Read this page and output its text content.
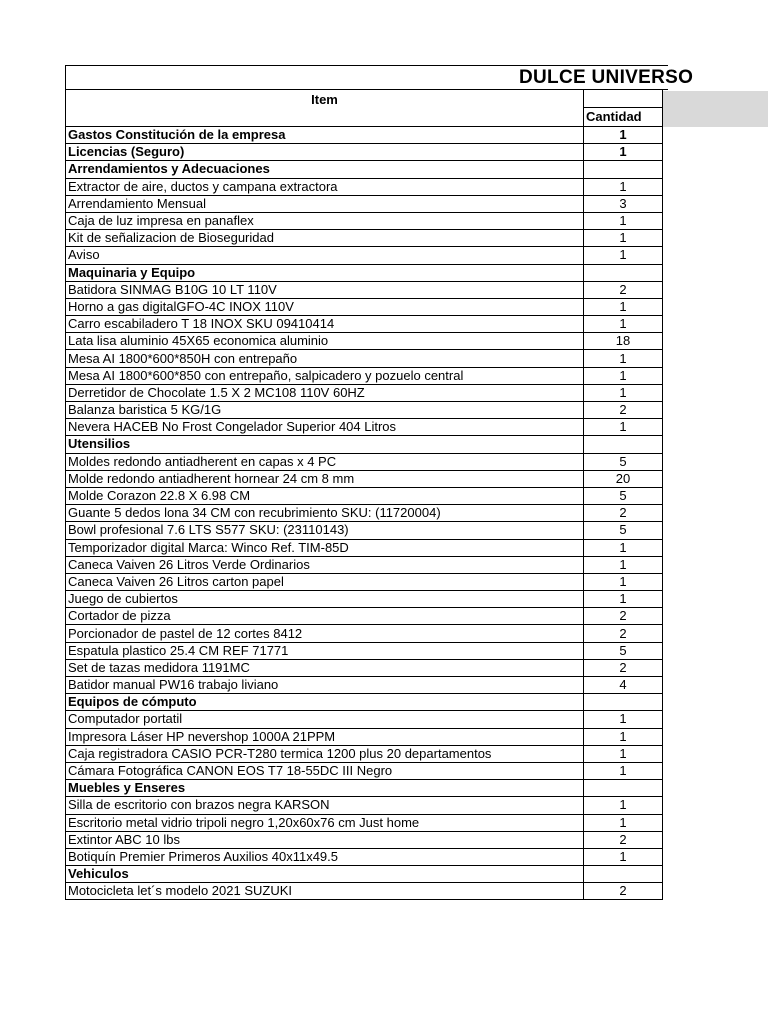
DULCE UNIVERSO
Item
Cantidad
Gastos Constitución de la empresa	1
Licencias (Seguro)	1
Arrendamientos y Adecuaciones	
Extractor de aire, ductos y campana extractora	1
Arrendamiento Mensual	3
Caja de luz impresa en panaflex	1
Kit de señalizacion de Bioseguridad	1
Aviso	1
Maquinaria y Equipo	
Batidora SINMAG B10G 10 LT 110V	2
Horno a gas digitalGFO-4C INOX 110V	1
Carro escabiladero T 18 INOX SKU 09410414	1
Lata lisa aluminio 45X65 economica aluminio	18
Mesa AI 1800*600*850H con entrepaño	1
Mesa AI 1800*600*850 con entrepaño, salpicadero y pozuelo central	1
Derretidor de Chocolate 1.5 X 2 MC108 110V 60HZ	1
Balanza baristica 5 KG/1G	2
Nevera HACEB No Frost Congelador Superior 404 Litros	1
Utensilios	
Moldes redondo antiadherent en capas x 4 PC	5
Molde redondo antiadherent hornear 24 cm 8 mm	20
Molde Corazon 22.8 X 6.98 CM	5
Guante 5 dedos lona 34 CM con recubrimiento SKU: (11720004)	2
Bowl profesional 7.6 LTS S577 SKU: (23110143)	5
Temporizador digital Marca: Winco Ref. TIM-85D	1
Caneca Vaiven 26 Litros Verde Ordinarios	1
Caneca Vaiven 26 Litros carton papel	1
Juego de cubiertos	1
Cortador de pizza	2
Porcionador de pastel de 12 cortes 8412	2
Espatula plastico 25.4 CM REF 71771	5
Set de tazas medidora 1191MC	2
Batidor manual PW16 trabajo liviano	4
Equipos de cómputo	
Computador portatil	1
Impresora Láser HP nevershop 1000A 21PPM	1
Caja registradora CASIO PCR-T280 termica 1200 plus 20 departamentos	1
Cámara Fotográfica CANON EOS T7 18-55DC III Negro	1
Muebles y Enseres	
Silla de escritorio con brazos negra KARSON	1
Escritorio metal vidrio tripoli negro 1,20x60x76 cm Just home	1
Extintor ABC 10 lbs	2
Botiquín Premier Primeros Auxilios 40x11x49.5	1
Vehiculos	
Motocicleta let´s modelo 2021 SUZUKI	2
